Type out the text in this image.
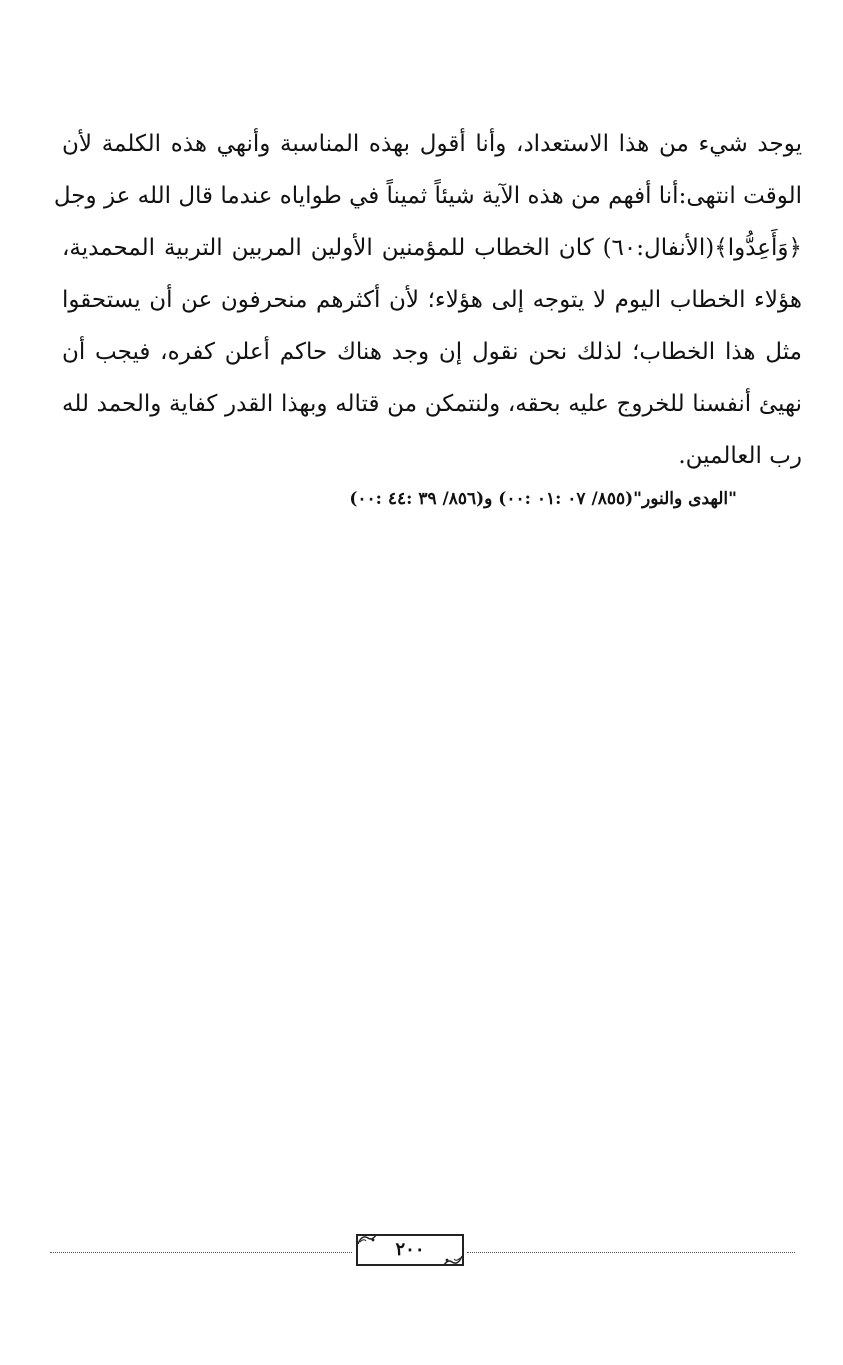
يوجد شيء من هذا الاستعداد، وأنا أقول بهذه المناسبة وأنهي هذه الكلمة لأن
الوقت انتهى:أنا أفهم من هذه الآية شيئاً ثميناً في طواياه عندما قال الله عز وجل
﴿وَأَعِدُّوا﴾(الأنفال:٦٠) كان الخطاب للمؤمنين الأولين المربين التربية المحمدية،
هؤلاء الخطاب اليوم لا يتوجه إلى هؤلاء؛ لأن أكثرهم منحرفون عن أن يستحقوا
مثل هذا الخطاب؛ لذلك نحن نقول إن وجد هناك حاكم أعلن كفره، فيجب أن
نهيئ أنفسنا للخروج عليه بحقه، ولنتمكن من قتاله وبهذا القدر كفاية والحمد لله
رب العالمين.
"الهدى والنور"(٨٥٥/ ٠٧ :٠١ :٠٠) و(٨٥٦/ ٣٩ :٤٤ :٠٠)
٢٠٠
